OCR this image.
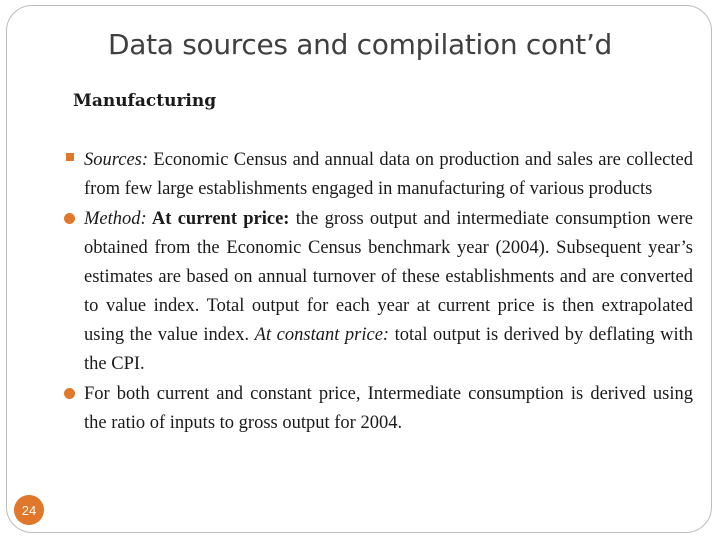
Data sources and compilation cont’d
Manufacturing
Sources: Economic Census and annual data on production and sales are collected from few large establishments engaged in manufacturing of various products
Method: At current price: the gross output and intermediate consumption were obtained from the Economic Census benchmark year (2004). Subsequent year’s estimates are based on annual turnover of these establishments and are converted to value index. Total output for each year at current price is then extrapolated using the value index. At constant price: total output is derived by deflating with the CPI.
For both current and constant price, Intermediate consumption is derived using the ratio of inputs to gross output for 2004.
24
